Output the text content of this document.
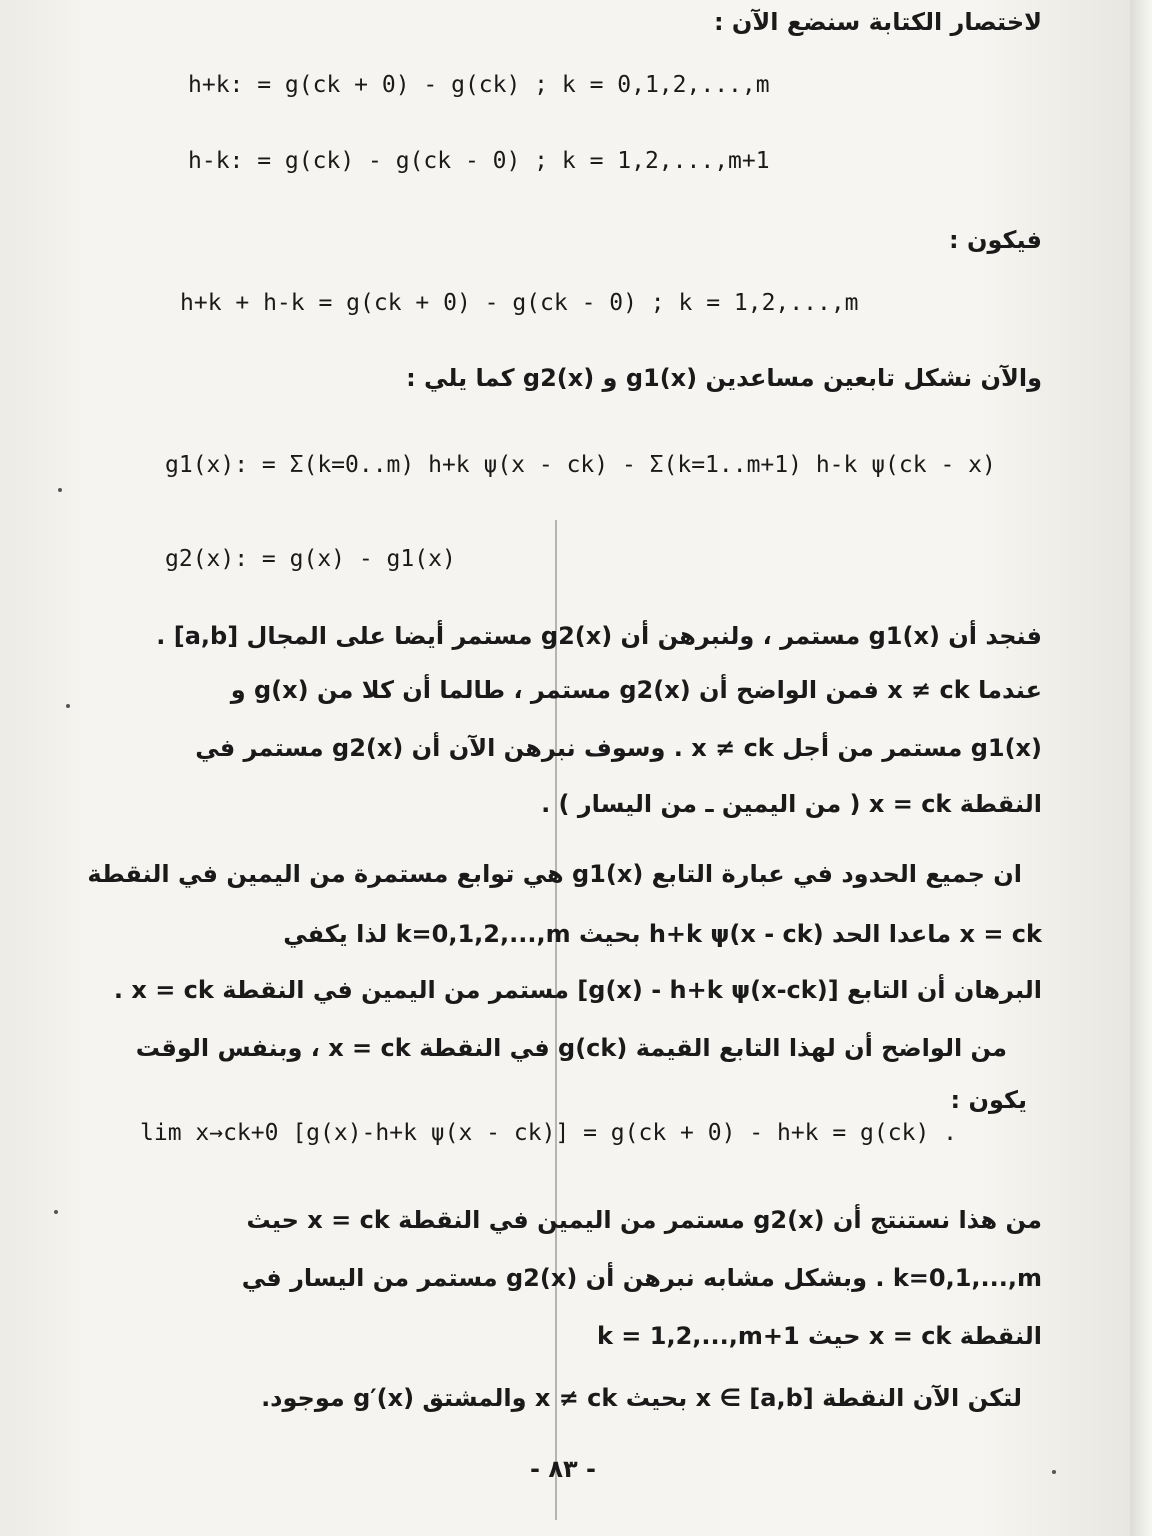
لاختصار الكتابة سنضع الآن :
h+k: = g(ck + 0) - g(ck) ; k = 0,1,2,...,m
h-k: = g(ck) - g(ck - 0) ; k = 1,2,...,m+1
فيكون :
h+k + h-k = g(ck + 0) - g(ck - 0) ; k = 1,2,...,m
والآن نشكل تابعين مساعدين g1(x) و g2(x) كما يلي :
g1(x): = Σ(k=0..m) h+k ψ(x - ck) - Σ(k=1..m+1) h-k ψ(ck - x)
g2(x): = g(x) - g1(x)
فنجد أن g1(x) مستمر ، ولنبرهن أن g2(x) مستمر أيضا على المجال [a,b] .
عندما x ≠ ck فمن الواضح أن g2(x) مستمر ، طالما أن كلا من g(x) و
g1(x) مستمر من أجل x ≠ ck . وسوف نبرهن الآن أن g2(x) مستمر في
النقطة x = ck ( من اليمين ـ من اليسار ) .
ان جميع الحدود في عبارة التابع g1(x) هي توابع مستمرة من اليمين في النقطة
x = ck ماعدا الحد h+k ψ(x - ck) بحيث k=0,1,2,...,m لذا يكفي
البرهان أن التابع [g(x) - h+k ψ(x-ck)] مستمر من اليمين في النقطة x = ck .
من الواضح أن لهذا التابع القيمة g(ck) في النقطة x = ck ، وبنفس الوقت
يكون :
lim x→ck+0 [g(x)-h+k ψ(x - ck)] = g(ck + 0) - h+k = g(ck) .
من هذا نستنتج أن g2(x) مستمر من اليمين في النقطة x = ck حيث
k=0,1,...,m . وبشكل مشابه نبرهن أن g2(x) مستمر من اليسار في
النقطة x = ck حيث k = 1,2,...,m+1
لتكن الآن النقطة x ∈ [a,b] بحيث x ≠ ck والمشتق g′(x) موجود.
- ٨٣ -
